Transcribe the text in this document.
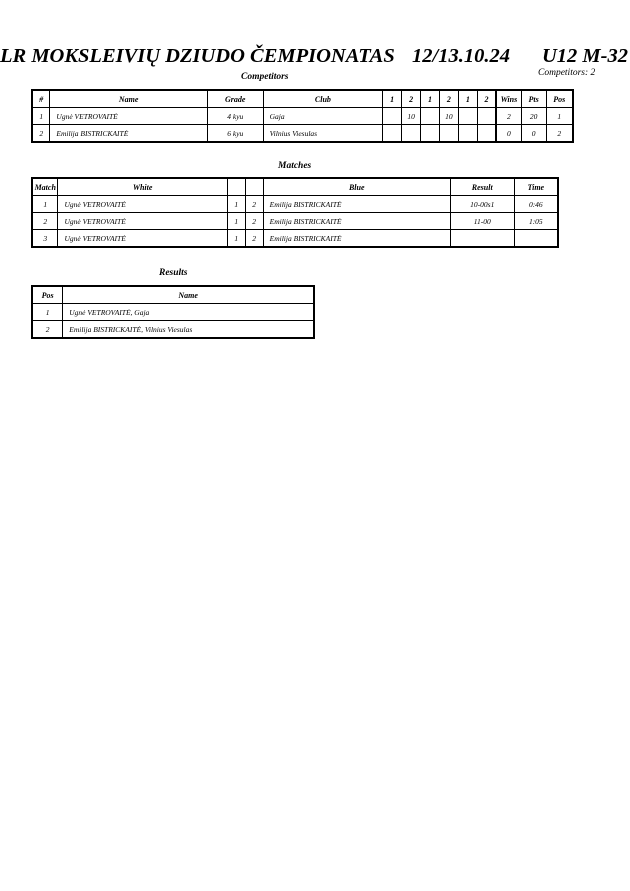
LR MOKSLEIVIŲ DZIUDO ČEMPIONATAS 12/13.10.24 U12 M-32
Competitors: 2
Competitors
#	Name	Grade	Club	1	2	1	2	1	2	Wins	Pts	Pos
1	Ugnė VETROVAITĖ	4 kyu	Gaja		10		10			2	20	1
2	Emilija BISTRICKAITĖ	6 kyu	Vilnius Viesulas							0	0	2
Matches
Match	White			Blue	Result	Time
1	Ugnė VETROVAITĖ	1	2	Emilija BISTRICKAITĖ	10-00s1	0:46
2	Ugnė VETROVAITĖ	1	2	Emilija BISTRICKAITĖ	11-00	1:05
3	Ugnė VETROVAITĖ	1	2	Emilija BISTRICKAITĖ		
Results
Pos	Name
1	Ugnė VETROVAITĖ, Gaja
2	Emilija BISTRICKAITĖ, Vilnius Viesulas
